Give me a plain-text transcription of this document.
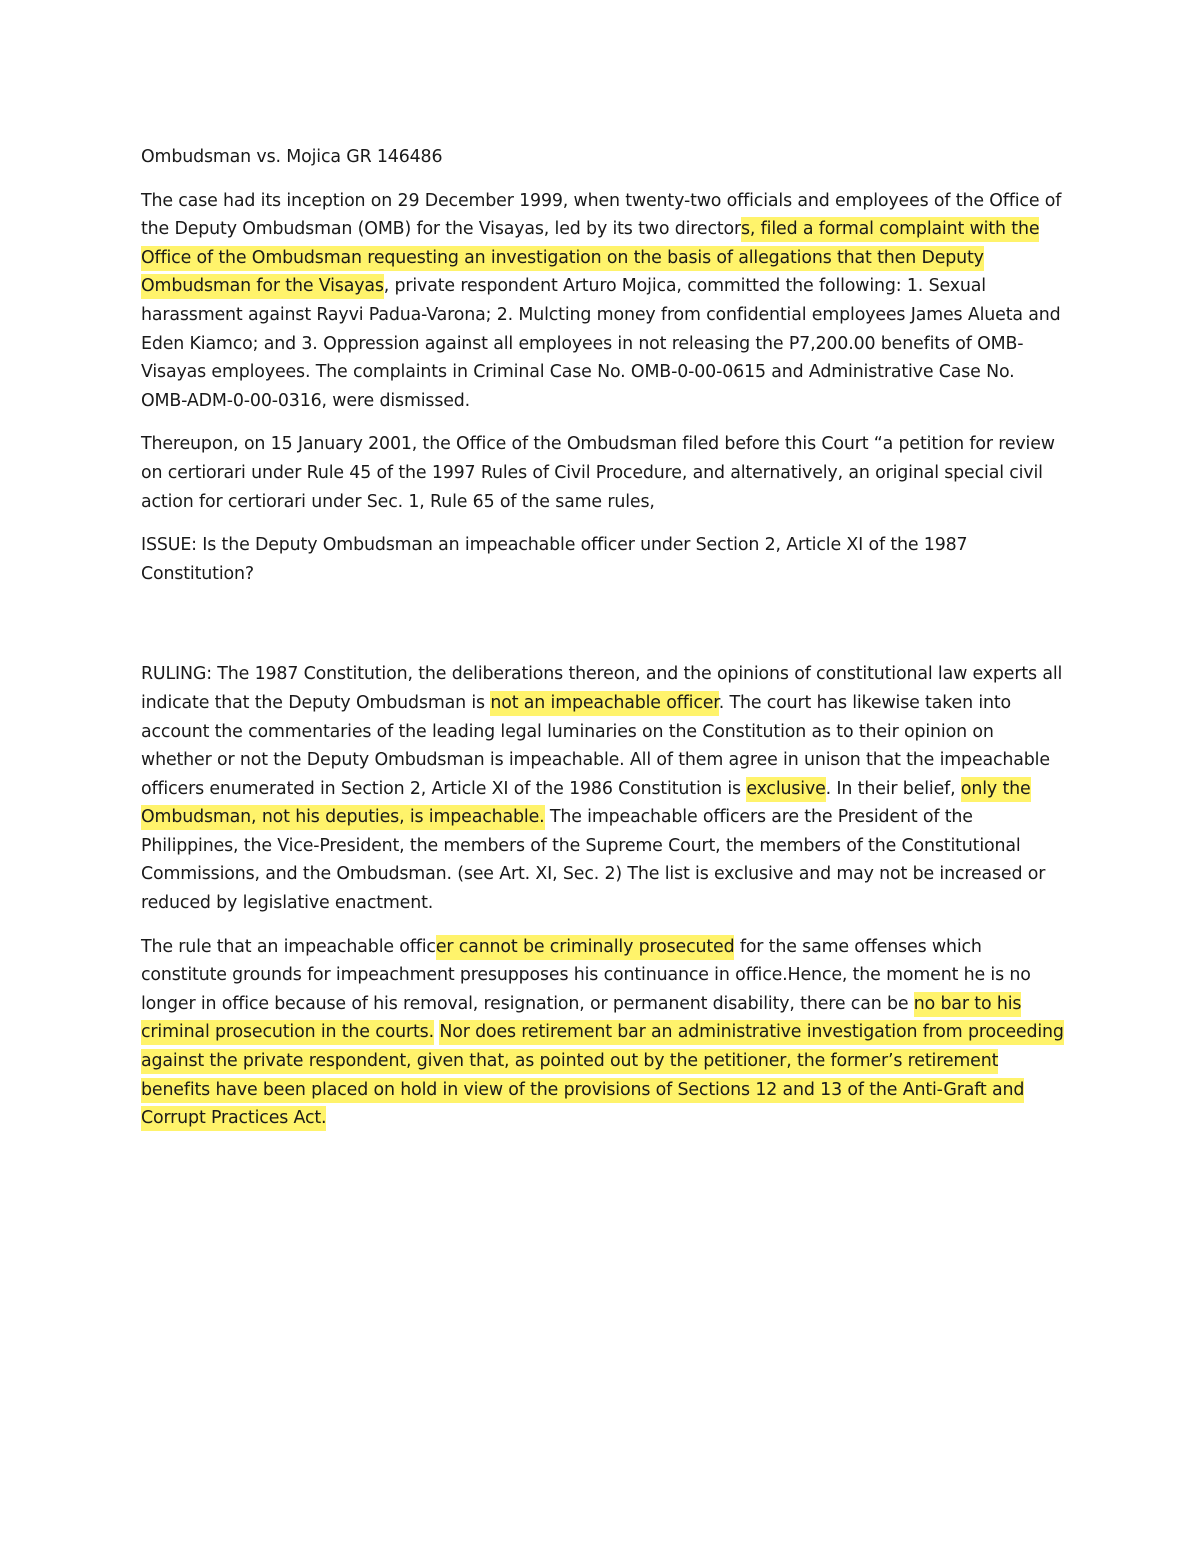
Ombudsman vs. Mojica GR 146486

The case had its inception on 29 December 1999, when twenty-two officials and employees of the Office of the Deputy Ombudsman (OMB) for the Visayas, led by its two directors, filed a formal complaint with the Office of the Ombudsman requesting an investigation on the basis of allegations that then Deputy Ombudsman for the Visayas, private respondent Arturo Mojica, committed the following: 1. Sexual harassment against Rayvi Padua-Varona; 2. Mulcting money from confidential employees James Alueta and Eden Kiamco; and 3. Oppression against all employees in not releasing the P7,200.00 benefits of OMB-Visayas employees. The complaints in Criminal Case No. OMB-0-00-0615 and Administrative Case No. OMB-ADM-0-00-0316, were dismissed.

Thereupon, on 15 January 2001, the Office of the Ombudsman filed before this Court “a petition for review on certiorari under Rule 45 of the 1997 Rules of Civil Procedure, and alternatively, an original special civil action for certiorari under Sec. 1, Rule 65 of the same rules,

ISSUE: Is the Deputy Ombudsman an impeachable officer under Section 2, Article XI of the 1987 Constitution?

RULING: The 1987 Constitution, the deliberations thereon, and the opinions of constitutional law experts all indicate that the Deputy Ombudsman is not an impeachable officer. The court has likewise taken into account the commentaries of the leading legal luminaries on the Constitution as to their opinion on whether or not the Deputy Ombudsman is impeachable. All of them agree in unison that the impeachable officers enumerated in Section 2, Article XI of the 1986 Constitution is exclusive. In their belief, only the Ombudsman, not his deputies, is impeachable. The impeachable officers are the President of the Philippines, the Vice-President, the members of the Supreme Court, the members of the Constitutional Commissions, and the Ombudsman. (see Art. XI, Sec. 2) The list is exclusive and may not be increased or reduced by legislative enactment.

The rule that an impeachable officer cannot be criminally prosecuted for the same offenses which constitute grounds for impeachment presupposes his continuance in office.Hence, the moment he is no longer in office because of his removal, resignation, or permanent disability, there can be no bar to his criminal prosecution in the courts. Nor does retirement bar an administrative investigation from proceeding against the private respondent, given that, as pointed out by the petitioner, the former’s retirement benefits have been placed on hold in view of the provisions of Sections 12 and 13 of the Anti-Graft and Corrupt Practices Act.
